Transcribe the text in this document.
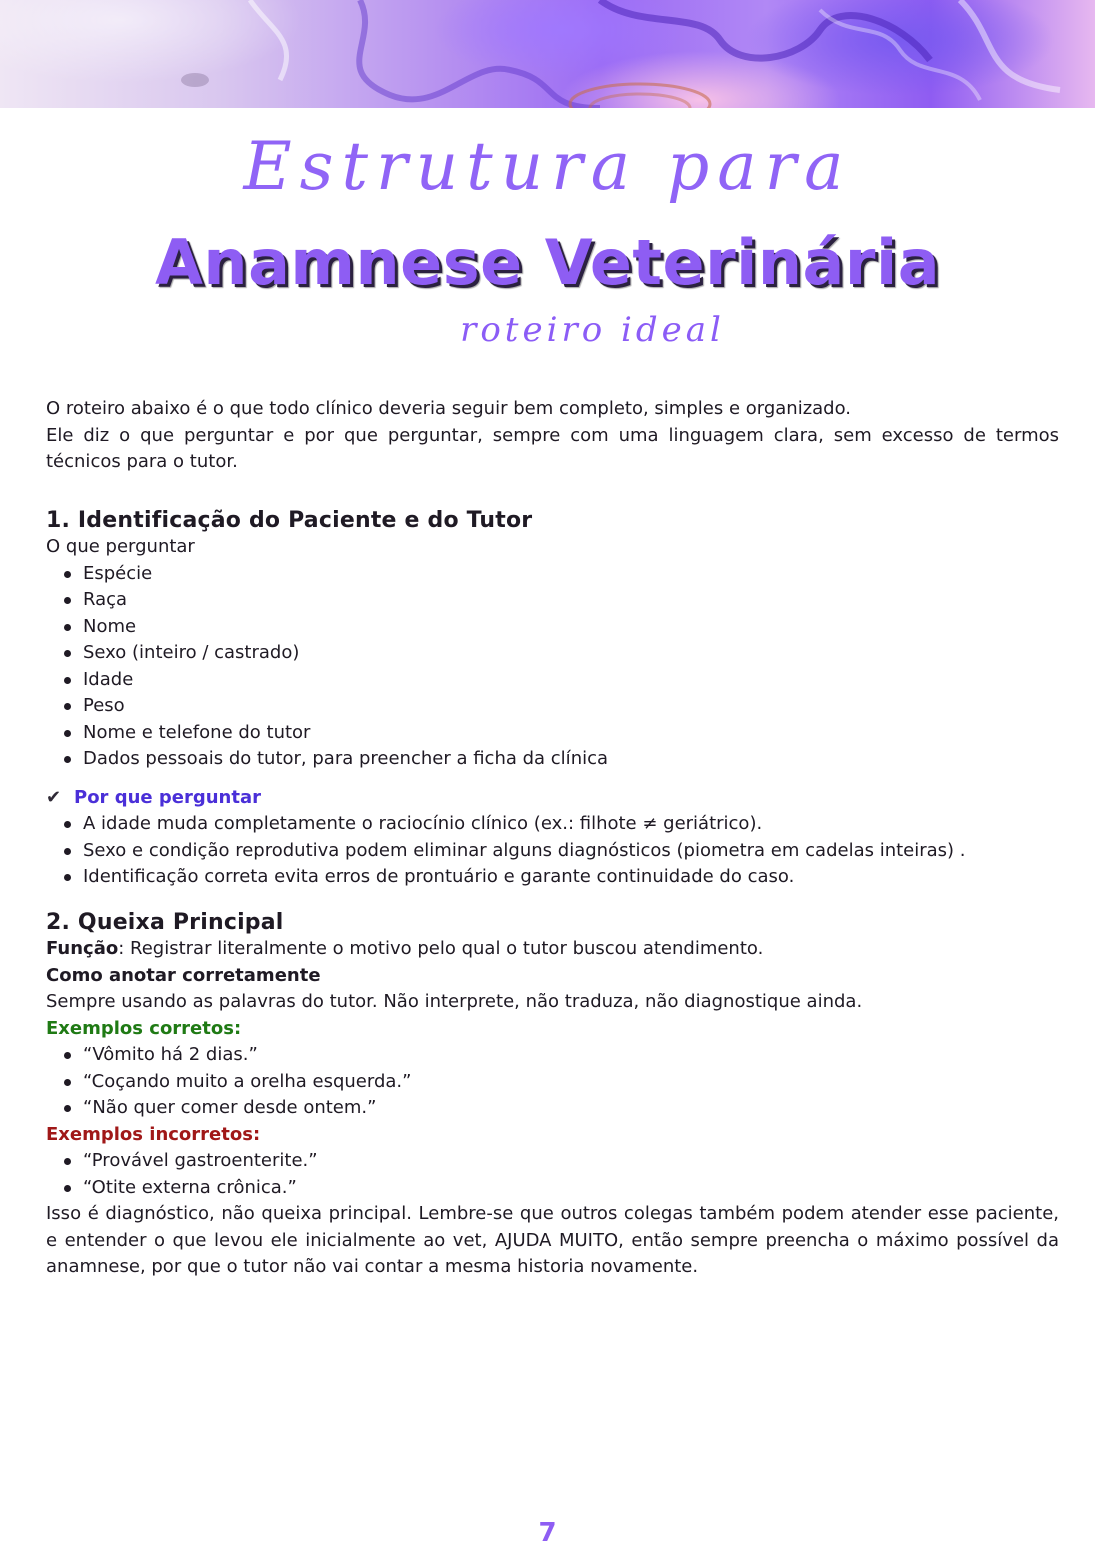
Estrutura para
Anamnese Veterinária
roteiro ideal

O roteiro abaixo é o que todo clínico deveria seguir bem completo, simples e organizado.

Ele diz o que perguntar e por que perguntar, sempre com uma linguagem clara, sem excesso de termos técnicos para o tutor.

1. Identificação do Paciente e do Tutor

O que perguntar

Espécie
Raça
Nome
Sexo (inteiro / castrado)
Idade
Peso
Nome e telefone do tutor
Dados pessoais do tutor, para preencher a ficha da clínica
✔ Por que perguntar
A idade muda completamente o raciocínio clínico (ex.: filhote ≠ geriátrico).
Sexo e condição reprodutiva podem eliminar alguns diagnósticos (piometra em cadelas inteiras) .
Identificação correta evita erros de prontuário e garante continuidade do caso.
2. Queixa Principal

Função: Registrar literalmente o motivo pelo qual o tutor buscou atendimento.

Como anotar corretamente

Sempre usando as palavras do tutor. Não interprete, não traduza, não diagnostique ainda.

Exemplos corretos:

“Vômito há 2 dias.”
“Coçando muito a orelha esquerda.”
“Não quer comer desde ontem.”

Exemplos incorretos:

“Provável gastroenterite.”
“Otite externa crônica.”

Isso é diagnóstico, não queixa principal. Lembre-se que outros colegas também podem atender esse paciente, e entender o que levou ele inicialmente ao vet, AJUDA MUITO, então sempre preencha o máximo possível da anamnese, por que o tutor não vai contar a mesma historia novamente.

7
